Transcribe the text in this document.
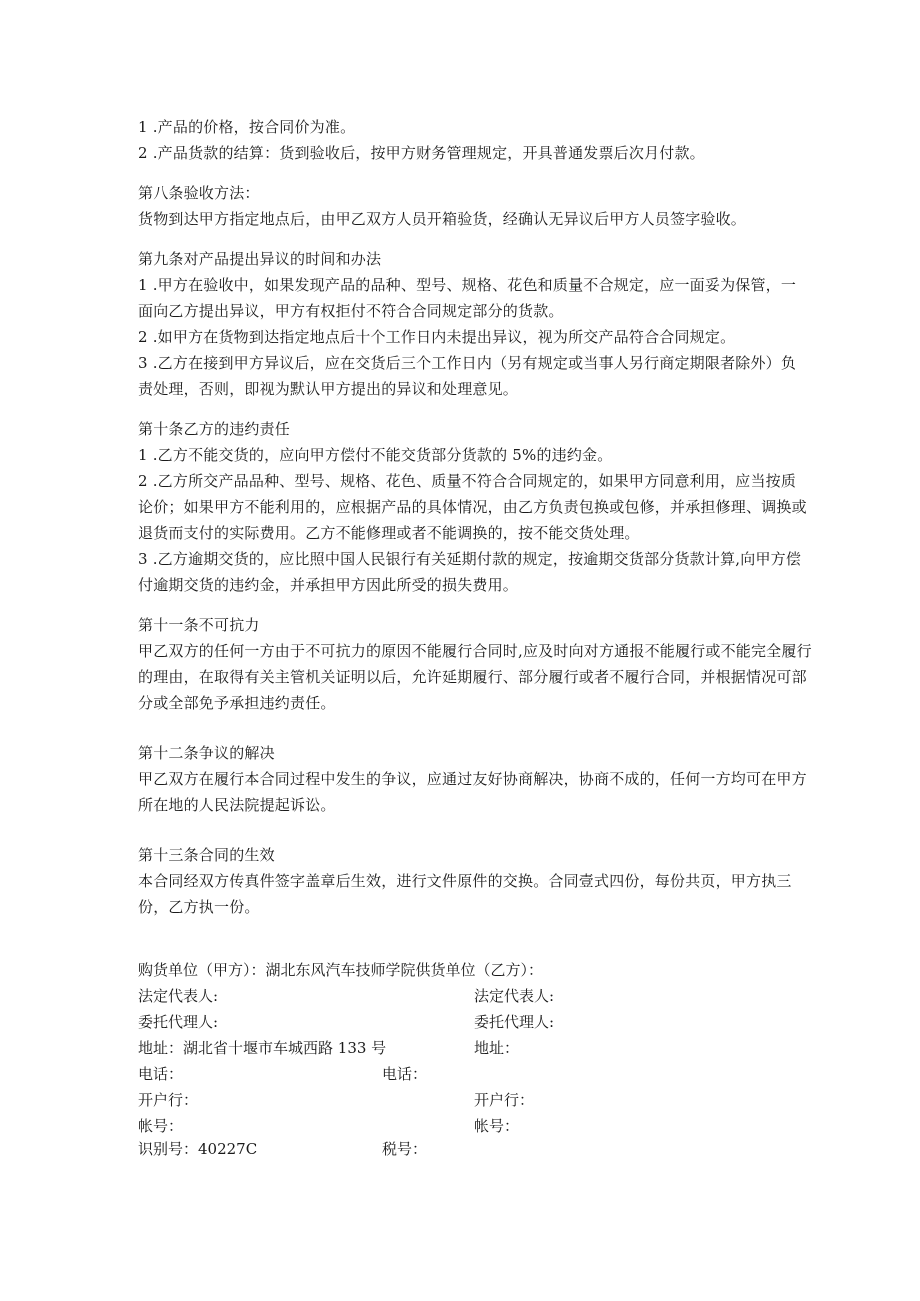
1 .产品的价格，按合同价为准。
2 .产品货款的结算：货到验收后，按甲方财务管理规定，开具普通发票后次月付款。
第八条验收方法：
货物到达甲方指定地点后，由甲乙双方人员开箱验货，经确认无异议后甲方人员签字验收。
第九条对产品提出异议的时间和办法
1 .甲方在验收中，如果发现产品的品种、型号、规格、花色和质量不合规定，应一面妥为保管，一
面向乙方提出异议，甲方有权拒付不符合合同规定部分的货款。
2 .如甲方在货物到达指定地点后十个工作日内未提出异议，视为所交产品符合合同规定。
3 .乙方在接到甲方异议后，应在交货后三个工作日内（另有规定或当事人另行商定期限者除外）负
责处理，否则，即视为默认甲方提出的异议和处理意见。
第十条乙方的违约责任
1 .乙方不能交货的，应向甲方偿付不能交货部分货款的 5%的违约金。
2 .乙方所交产品品种、型号、规格、花色、质量不符合合同规定的，如果甲方同意利用，应当按质
论价；如果甲方不能利用的，应根据产品的具体情况，由乙方负责包换或包修，并承担修理、调换或
退货而支付的实际费用。乙方不能修理或者不能调换的，按不能交货处理。
3 .乙方逾期交货的，应比照中国人民银行有关延期付款的规定，按逾期交货部分货款计算,向甲方偿
付逾期交货的违约金，并承担甲方因此所受的损失费用。
第十一条不可抗力
甲乙双方的任何一方由于不可抗力的原因不能履行合同时,应及时向对方通报不能履行或不能完全履行
的理由，在取得有关主管机关证明以后，允许延期履行、部分履行或者不履行合同，并根据情况可部
分或全部免予承担违约责任。
第十二条争议的解决
甲乙双方在履行本合同过程中发生的争议，应通过友好协商解决，协商不成的，任何一方均可在甲方
所在地的人民法院提起诉讼。
第十三条合同的生效
本合同经双方传真件签字盖章后生效，进行文件原件的交换。合同壹式四份，每份共页，甲方执三
份，乙方执一份。
购货单位（甲方）：湖北东风汽车技师学院供货单位（乙方）：
法定代表人:	法定代表人:
委托代理人:	委托代理人:
地址：湖北省十堰市车城西路 133 号	地址：
电话：	电话：
开户行：	开户行：
帐号：	帐号：
识别号：40227C	税号：
